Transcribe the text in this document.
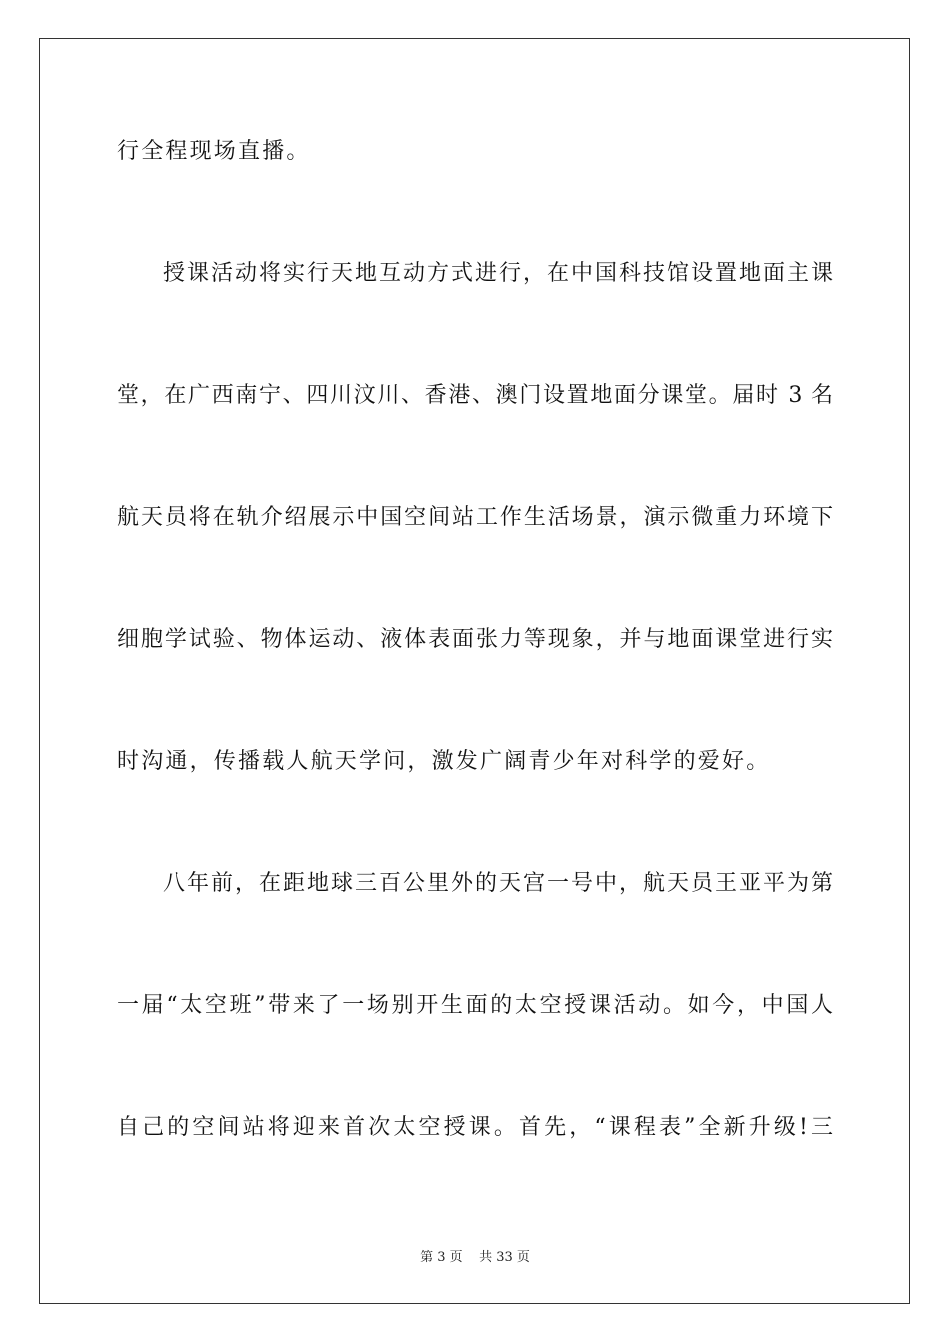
行全程现场直播。
授课活动将实行天地互动方式进行，在中国科技馆设置地面主课
堂，在广西南宁、四川汶川、香港、澳门设置地面分课堂。届时 3 名
航天员将在轨介绍展示中国空间站工作生活场景，演示微重力环境下
细胞学试验、物体运动、液体表面张力等现象，并与地面课堂进行实
时沟通，传播载人航天学问，激发广阔青少年对科学的爱好。
八年前，在距地球三百公里外的天宫一号中，航天员王亚平为第
一届“太空班”带来了一场别开生面的太空授课活动。如今，中国人
自己的空间站将迎来首次太空授课。首先，“课程表”全新升级!三
第 3 页    共 33 页
